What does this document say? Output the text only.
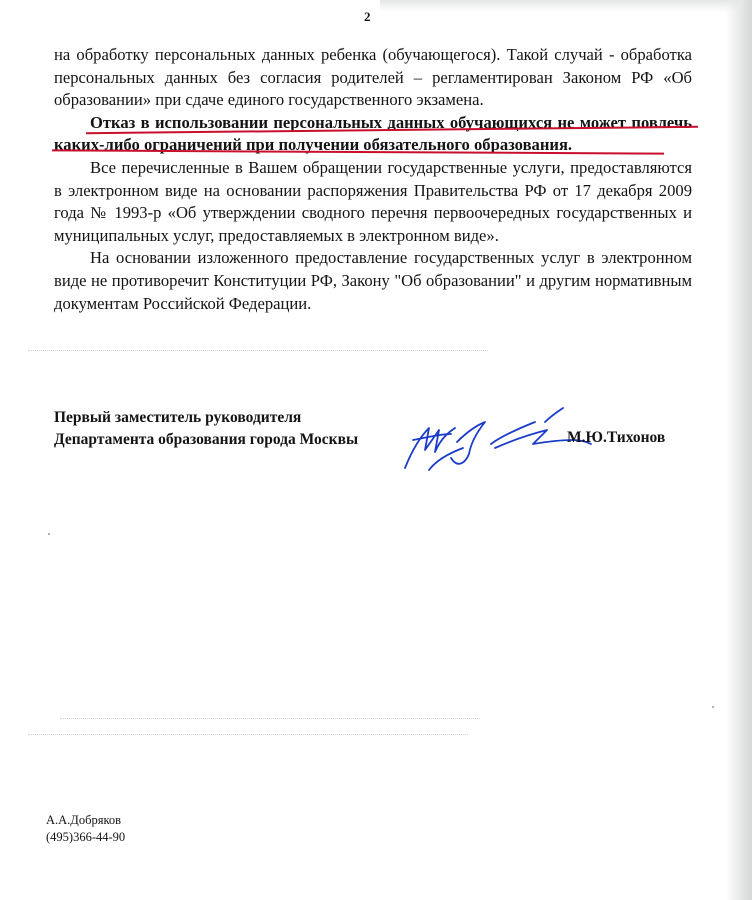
2

на обработку персональных данных ребенка (обучающегося). Такой случай - обработка персональных данных без согласия родителей – регламентирован Законом РФ «Об образовании» при сдаче единого государственного экзамена.

Отказ в использовании персональных данных обучающихся не может повлечь каких-либо ограничений при получении обязательного образования.

Все перечисленные в Вашем обращении государственные услуги, предоставляются в электронном виде на основании распоряжения Правительства РФ от 17 декабря 2009 года № 1993-р «Об утверждении сводного перечня первоочередных государственных и муниципальных услуг, предоставляемых в электронном виде».

На основании изложенного предоставление государственных услуг в электронном виде не противоречит Конституции РФ, Закону "Об образовании" и другим нормативным документам Российской Федерации.

Первый заместитель руководителя
Департамента образования города Москвы	М.Ю.Тихонов
А.А.Добряков
(495)366-44-90
